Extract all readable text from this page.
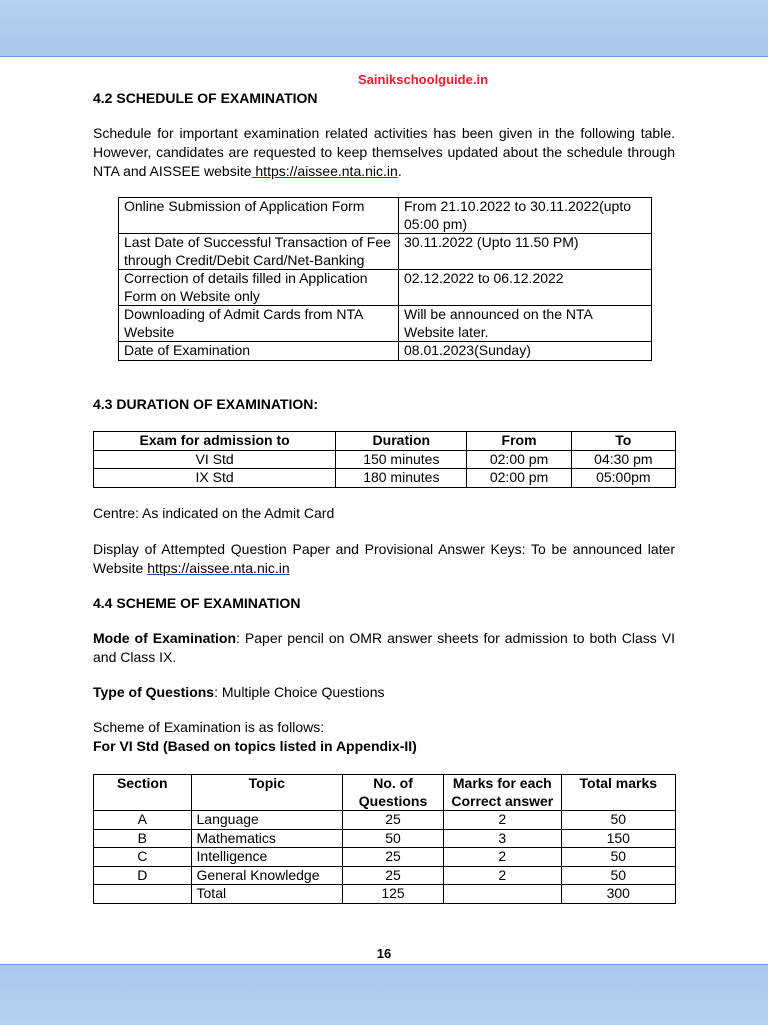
Sainikschoolguide.in
4.2 SCHEDULE OF EXAMINATION
Schedule for important examination related activities has been given in the following table. However, candidates are requested to keep themselves updated about the schedule through NTA and AISSEE website https://aissee.nta.nic.in.
Online Submission of Application Form	From 21.10.2022 to 30.11.2022(upto 05:00 pm)
Last Date of Successful Transaction of Fee through Credit/Debit Card/Net-Banking	30.11.2022 (Upto 11.50 PM)
Correction of details filled in Application Form on Website only	02.12.2022 to 06.12.2022
Downloading of Admit Cards from NTA Website	Will be announced on the NTA Website later.
Date of Examination	08.01.2023(Sunday)
4.3 DURATION OF EXAMINATION:
Exam for admission to	Duration	From	To
VI Std	150 minutes	02:00 pm	04:30 pm
IX Std	180 minutes	02:00 pm	05:00pm
Centre: As indicated on the Admit Card
Display of Attempted Question Paper and Provisional Answer Keys: To be announced later Website https://aissee.nta.nic.in
4.4 SCHEME OF EXAMINATION
Mode of Examination: Paper pencil on OMR answer sheets for admission to both Class VI and Class IX.
Type of Questions: Multiple Choice Questions
Scheme of Examination is as follows:
For VI Std (Based on topics listed in Appendix-II)
Section	Topic	No. of Questions	Marks for each Correct answer	Total marks
A	Language	25	2	50
B	Mathematics	50	3	150
C	Intelligence	25	2	50
D	General Knowledge	25	2	50
	Total	125		300
16
